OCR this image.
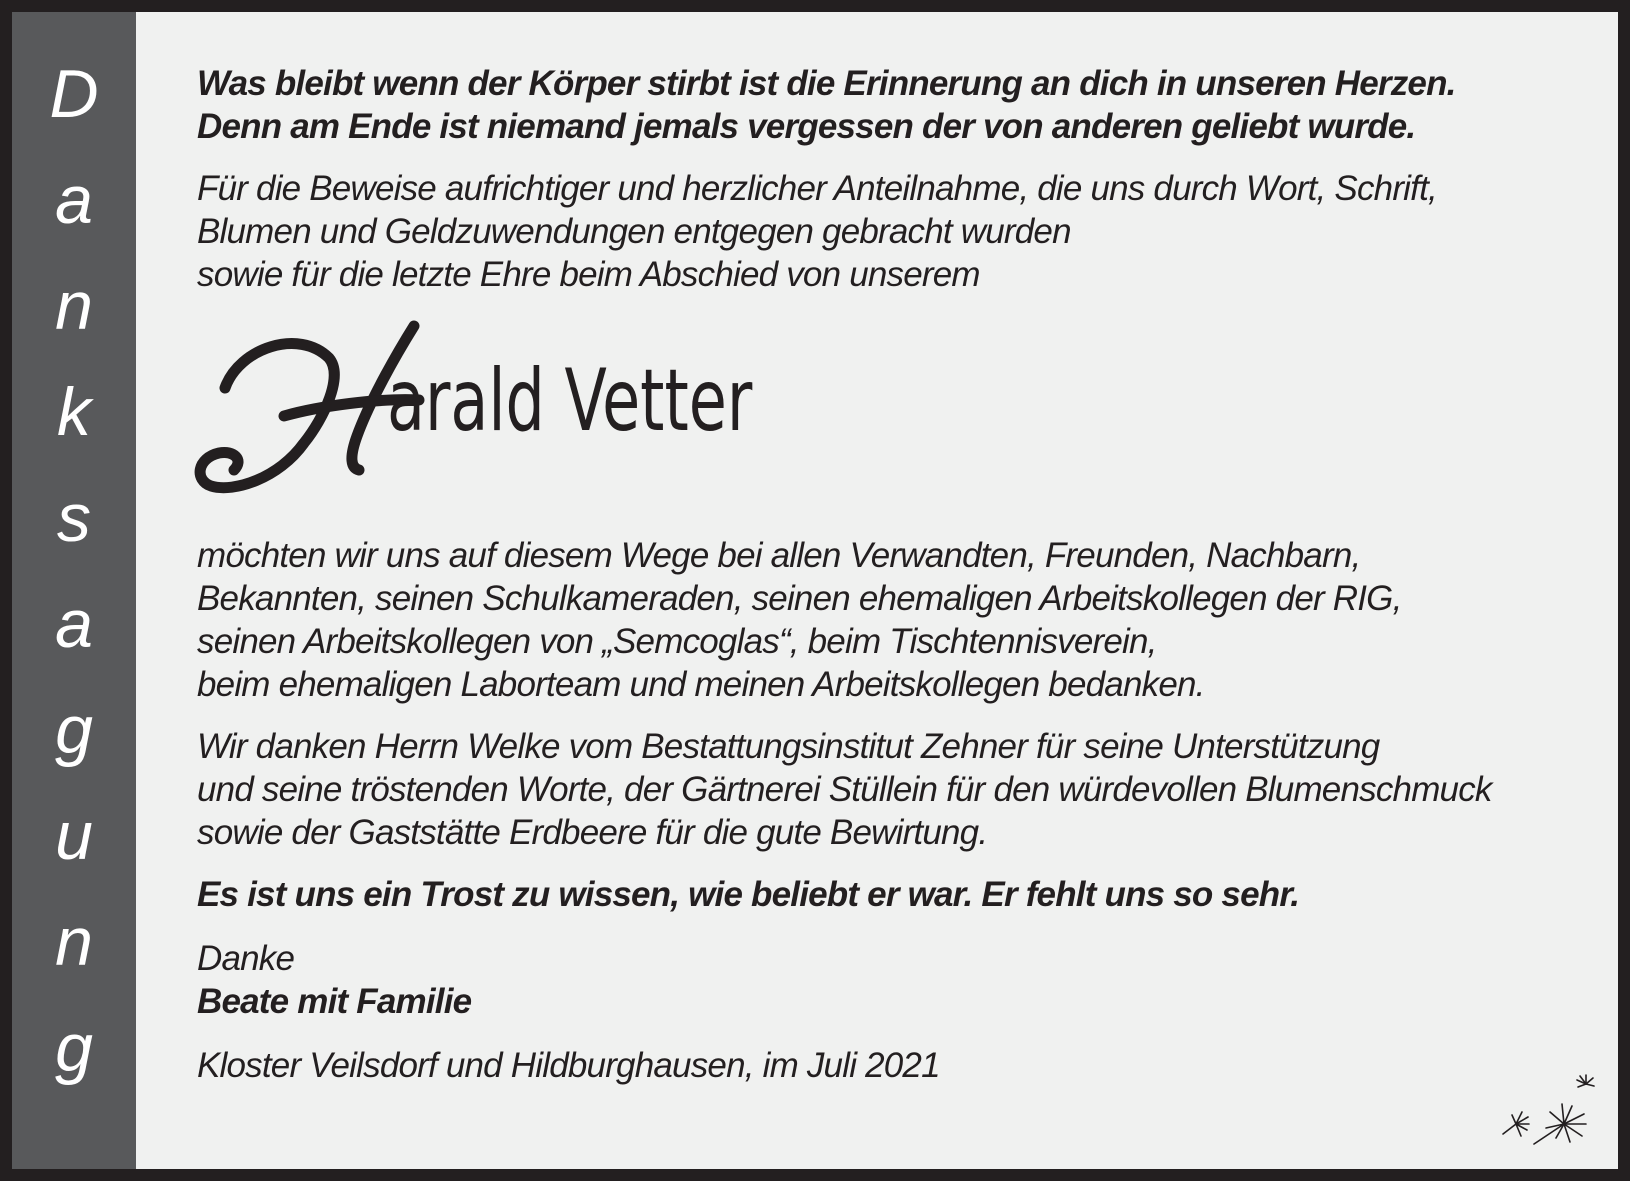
D
a
n
k
s
a
g
u
n
g

Was bleibt wenn der Körper stirbt ist die Erinnerung an dich in unseren Herzen.
Denn am Ende ist niemand jemals vergessen der von anderen geliebt wurde.

Für die Beweise aufrichtiger und herzlicher Anteilnahme, die uns durch Wort, Schrift,
Blumen und Geldzuwendungen entgegen gebracht wurden
sowie für die letzte Ehre beim Abschied von unserem

arald Vetter

möchten wir uns auf diesem Wege bei allen Verwandten, Freunden, Nachbarn,
Bekannten, seinen Schulkameraden, seinen ehemaligen Arbeitskollegen der RIG,
seinen Arbeitskollegen von „Semcoglas“, beim Tischtennisverein,
beim ehemaligen Laborteam und meinen Arbeitskollegen bedanken.

Wir danken Herrn Welke vom Bestattungsinstitut Zehner für seine Unterstützung
und seine tröstenden Worte, der Gärtnerei Stüllein für den würdevollen Blumenschmuck
sowie der Gaststätte Erdbeere für die gute Bewirtung.

Es ist uns ein Trost zu wissen, wie beliebt er war. Er fehlt uns so sehr.

Danke
Beate mit Familie

Kloster Veilsdorf und Hildburghausen, im Juli 2021
